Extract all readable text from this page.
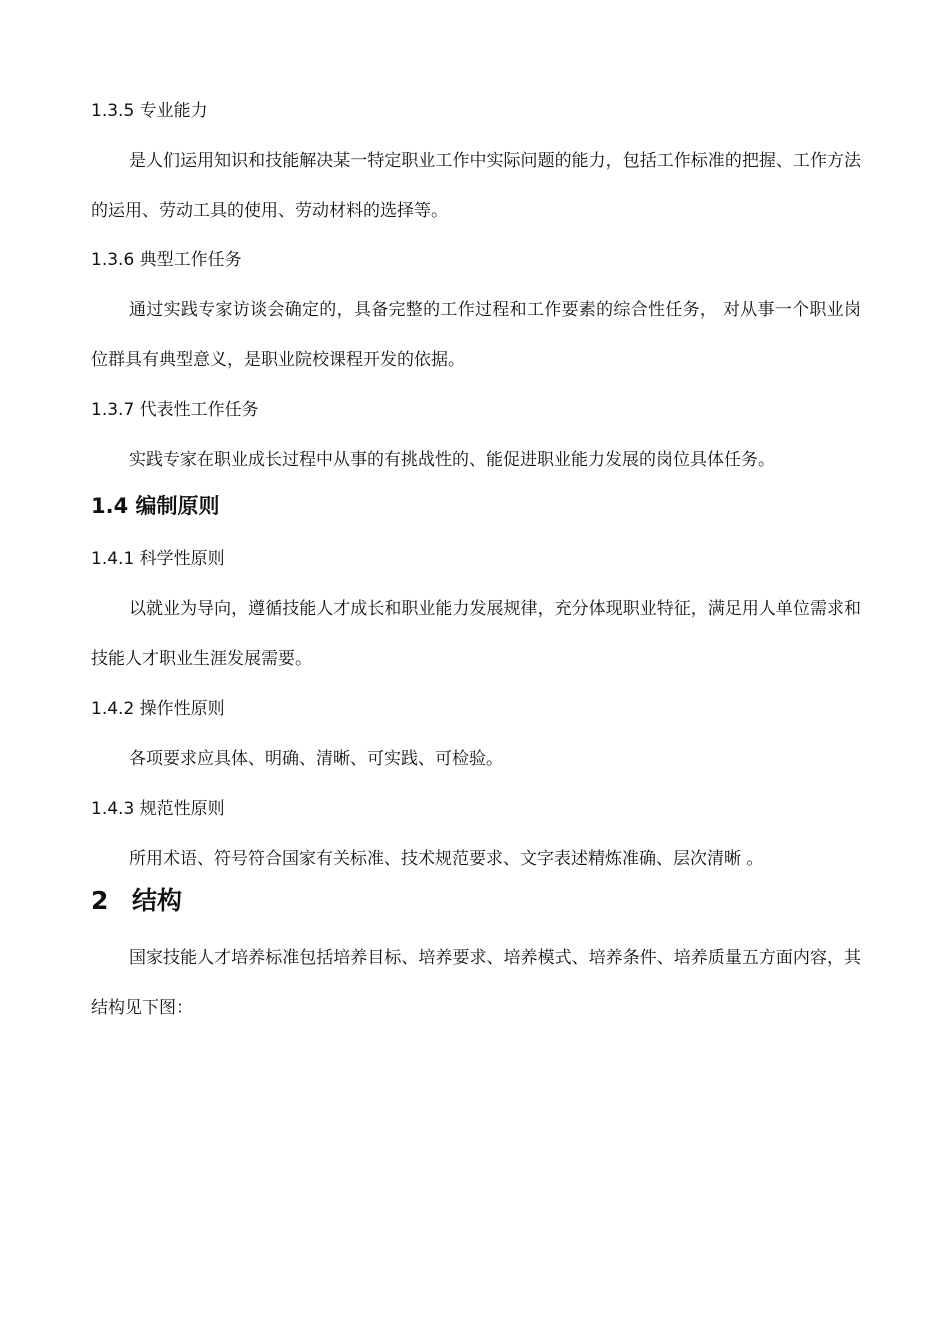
1.3.5 专业能力

是人们运用知识和技能解决某一特定职业工作中实际问题的能力，包括工作标准的把握、工作方法的运用、劳动工具的使用、劳动材料的选择等。

1.3.6 典型工作任务

通过实践专家访谈会确定的，具备完整的工作过程和工作要素的综合性任务， 对从事一个职业岗位群具有典型意义，是职业院校课程开发的依据。

1.3.7 代表性工作任务

实践专家在职业成长过程中从事的有挑战性的、能促进职业能力发展的岗位具体任务。

1.4 编制原则

1.4.1 科学性原则

以就业为导向，遵循技能人才成长和职业能力发展规律，充分体现职业特征，满足用人单位需求和技能人才职业生涯发展需要。

1.4.2 操作性原则

各项要求应具体、明确、清晰、可实践、可检验。

1.4.3 规范性原则

所用术语、符号符合国家有关标准、技术规范要求、文字表述精炼准确、层次清晰 。

2 结构

国家技能人才培养标准包括培养目标、培养要求、培养模式、培养条件、培养质量五方面内容，其结构见下图：
